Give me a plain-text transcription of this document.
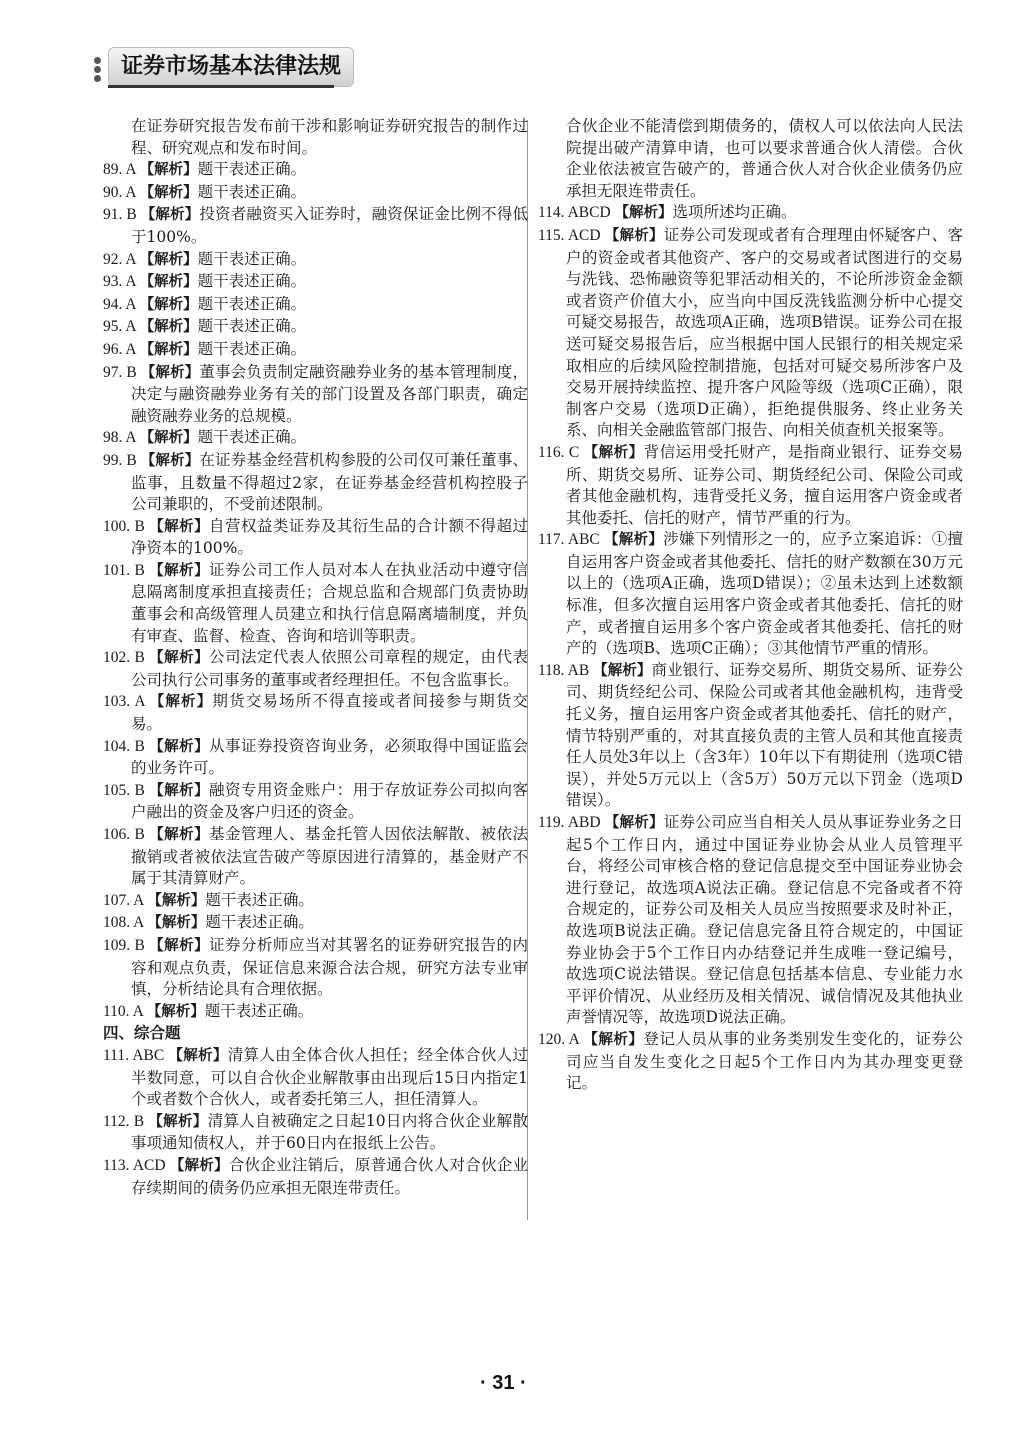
证券市场基本法律法规

在证券研究报告发布前干涉和影响证券研究报告的制作过程、研究观点和发布时间。

89. A 【解析】题干表述正确。

90. A 【解析】题干表述正确。

91. B 【解析】投资者融资买入证券时，融资保证金比例不得低于100%。

92. A 【解析】题干表述正确。

93. A 【解析】题干表述正确。

94. A 【解析】题干表述正确。

95. A 【解析】题干表述正确。

96. A 【解析】题干表述正确。

97. B 【解析】董事会负责制定融资融券业务的基本管理制度，决定与融资融券业务有关的部门设置及各部门职责，确定融资融券业务的总规模。

98. A 【解析】题干表述正确。

99. B 【解析】在证券基金经营机构参股的公司仅可兼任董事、监事，且数量不得超过2家，在证券基金经营机构控股子公司兼职的，不受前述限制。

100. B 【解析】自营权益类证券及其衍生品的合计额不得超过净资本的100%。

101. B 【解析】证券公司工作人员对本人在执业活动中遵守信息隔离制度承担直接责任；合规总监和合规部门负责协助董事会和高级管理人员建立和执行信息隔离墙制度，并负有审查、监督、检查、咨询和培训等职责。

102. B 【解析】公司法定代表人依照公司章程的规定，由代表公司执行公司事务的董事或者经理担任。不包含监事长。

103. A 【解析】期货交易场所不得直接或者间接参与期货交易。

104. B 【解析】从事证券投资咨询业务，必须取得中国证监会的业务许可。

105. B 【解析】融资专用资金账户：用于存放证券公司拟向客户融出的资金及客户归还的资金。

106. B 【解析】基金管理人、基金托管人因依法解散、被依法撤销或者被依法宣告破产等原因进行清算的，基金财产不属于其清算财产。

107. A 【解析】题干表述正确。

108. A 【解析】题干表述正确。

109. B 【解析】证券分析师应当对其署名的证券研究报告的内容和观点负责，保证信息来源合法合规，研究方法专业审慎，分析结论具有合理依据。

110. A 【解析】题干表述正确。

四、综合题

111. ABC 【解析】清算人由全体合伙人担任；经全体合伙人过半数同意，可以自合伙企业解散事由出现后15日内指定1个或者数个合伙人，或者委托第三人，担任清算人。

112. B 【解析】清算人自被确定之日起10日内将合伙企业解散事项通知债权人，并于60日内在报纸上公告。

113. ACD 【解析】合伙企业注销后，原普通合伙人对合伙企业存续期间的债务仍应承担无限连带责任。

合伙企业不能清偿到期债务的，债权人可以依法向人民法院提出破产清算申请，也可以要求普通合伙人清偿。合伙企业依法被宣告破产的，普通合伙人对合伙企业债务仍应承担无限连带责任。

114. ABCD 【解析】选项所述均正确。

115. ACD 【解析】证券公司发现或者有合理理由怀疑客户、客户的资金或者其他资产、客户的交易或者试图进行的交易与洗钱、恐怖融资等犯罪活动相关的，不论所涉资金金额或者资产价值大小，应当向中国反洗钱监测分析中心提交可疑交易报告，故选项A正确，选项B错误。证券公司在报送可疑交易报告后，应当根据中国人民银行的相关规定采取相应的后续风险控制措施，包括对可疑交易所涉客户及交易开展持续监控、提升客户风险等级（选项C正确），限制客户交易（选项D正确），拒绝提供服务、终止业务关系、向相关金融监管部门报告、向相关侦查机关报案等。

116. C 【解析】背信运用受托财产，是指商业银行、证券交易所、期货交易所、证券公司、期货经纪公司、保险公司或者其他金融机构，违背受托义务，擅自运用客户资金或者其他委托、信托的财产，情节严重的行为。

117. ABC 【解析】涉嫌下列情形之一的，应予立案追诉：①擅自运用客户资金或者其他委托、信托的财产数额在30万元以上的（选项A正确，选项D错误）；②虽未达到上述数额标准，但多次擅自运用客户资金或者其他委托、信托的财产，或者擅自运用多个客户资金或者其他委托、信托的财产的（选项B、选项C正确）；③其他情节严重的情形。

118. AB 【解析】商业银行、证券交易所、期货交易所、证券公司、期货经纪公司、保险公司或者其他金融机构，违背受托义务，擅自运用客户资金或者其他委托、信托的财产，情节特别严重的，对其直接负责的主管人员和其他直接责任人员处3年以上（含3年）10年以下有期徒刑（选项C错误），并处5万元以上（含5万）50万元以下罚金（选项D错误）。

119. ABD 【解析】证券公司应当自相关人员从事证券业务之日起5个工作日内，通过中国证券业协会从业人员管理平台，将经公司审核合格的登记信息提交至中国证券业协会进行登记，故选项A说法正确。登记信息不完备或者不符合规定的，证券公司及相关人员应当按照要求及时补正，故选项B说法正确。登记信息完备且符合规定的，中国证券业协会于5个工作日内办结登记并生成唯一登记编号，故选项C说法错误。登记信息包括基本信息、专业能力水平评价情况、从业经历及相关情况、诚信情况及其他执业声誉情况等，故选项D说法正确。

120. A 【解析】登记人员从事的业务类别发生变化的，证券公司应当自发生变化之日起5个工作日内为其办理变更登记。

· 31 ·
